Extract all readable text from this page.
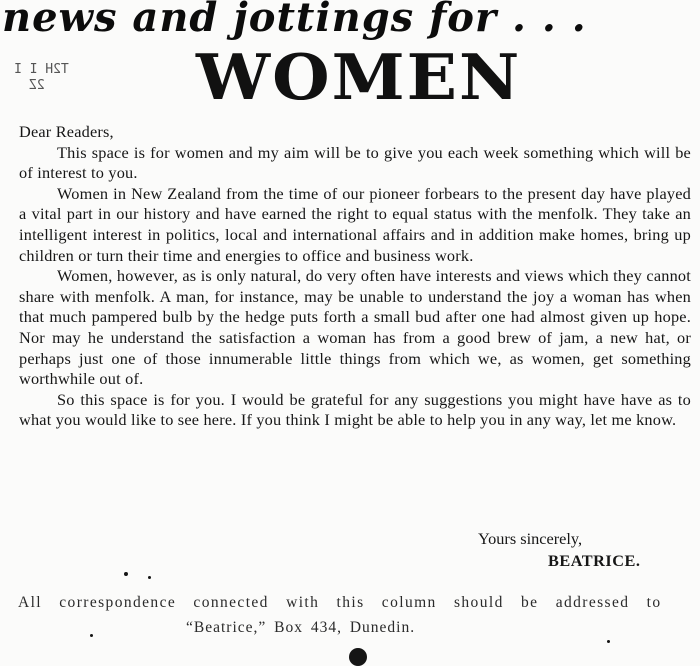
news and jottings for . . .
WOMEN
T2H I I
2Z

Dear Readers,

This space is for women and my aim will be to give you each week something which will be of interest to you.

Women in New Zealand from the time of our pioneer forbears to the present day have played a vital part in our history and have earned the right to equal status with the menfolk. They take an intelligent interest in politics, local and international affairs and in addition make homes, bring up children or turn their time and energies to office and business work.

Women, however, as is only natural, do very often have interests and views which they cannot share with menfolk. A man, for instance, may be unable to understand the joy a woman has when that much pampered bulb by the hedge puts forth a small bud after one had almost given up hope. Nor may he understand the satisfaction a woman has from a good brew of jam, a new hat, or perhaps just one of those innumerable little things from which we, as women, get something worthwhile out of.

So this space is for you. I would be grateful for any suggestions you might have have as to what you would like to see here. If you think I might be able to help you in any way, let me know.

Yours sincerely,
BEATRICE.
All correspondence connected with this column should be addressed to
“Beatrice,” Box 434, Dunedin.
